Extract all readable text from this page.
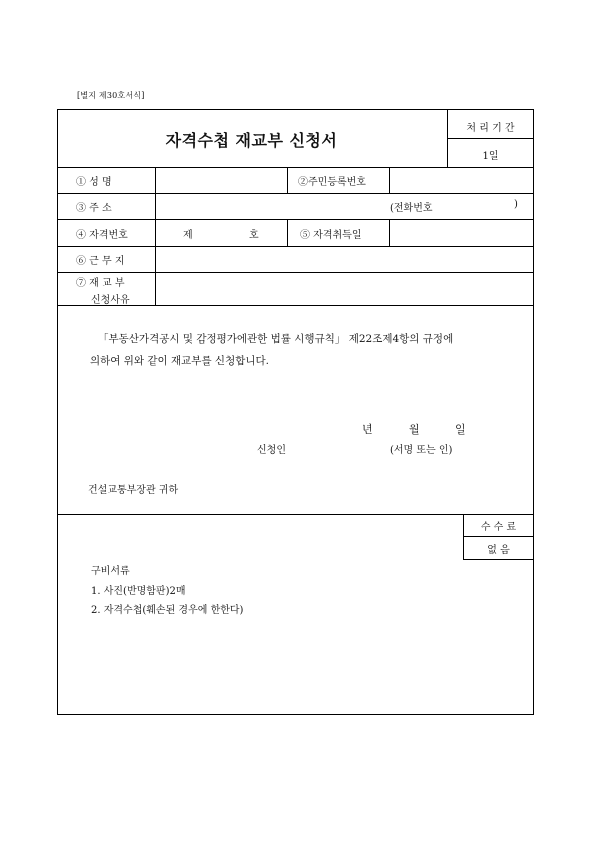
[별지 제30호서식]
자격수첩 재교부 신청서
처 리 기 간
1일
① 성 명	②주민등록번호
③ 주 소	(전화번호	)
④ 자격번호	제	호	⑤ 자격취득일
⑥ 근 무 지
⑦ 재 교 부
신청사유
「부동산가격공시 및 감정평가에관한 법률 시행규칙」 제22조제4항의 규정에
의하여 위와 같이 재교부를 신청합니다.
년	월	일
신청인	(서명 또는 인)
건설교통부장관 귀하
수 수 료
없 음
구비서류
1. 사진(반명함판)2매
2. 자격수첩(훼손된 경우에 한한다)
